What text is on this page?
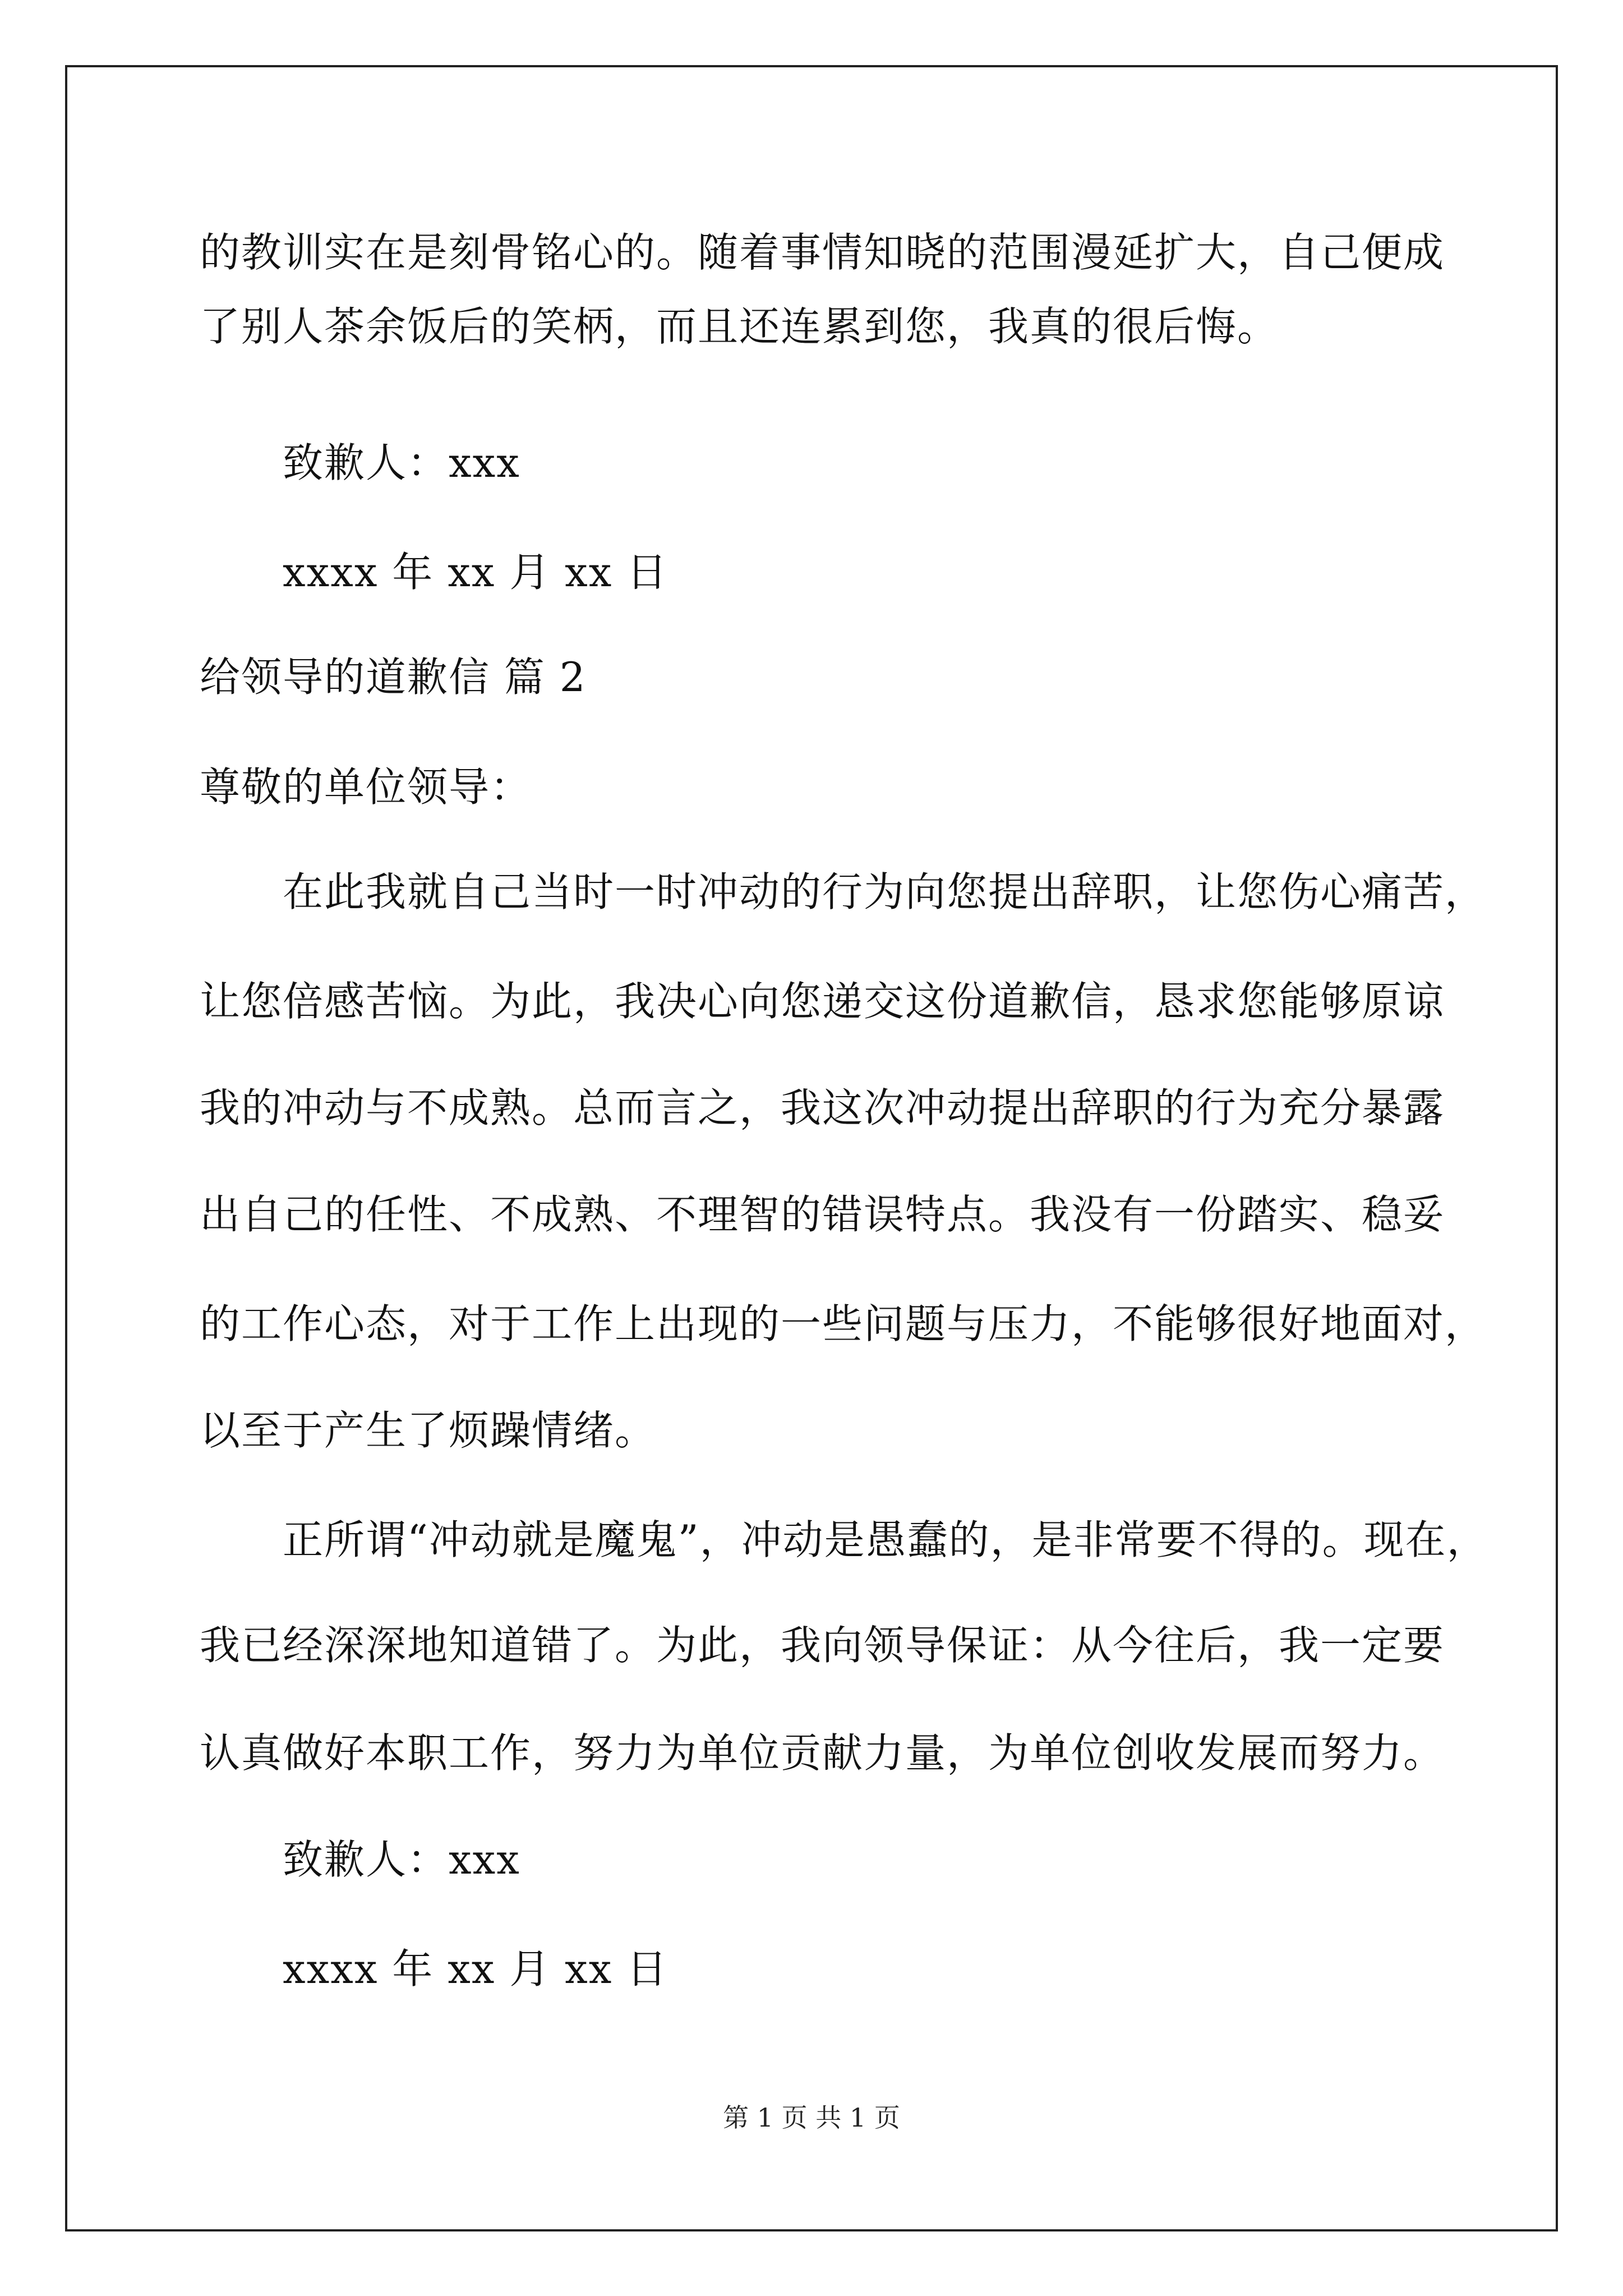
的教训实在是刻骨铭心的。随着事情知晓的范围漫延扩大，自己便成
了别人茶余饭后的笑柄，而且还连累到您，我真的很后悔。
致歉人：xxx
xxxx 年 xx 月 xx 日
给领导的道歉信 篇 2
尊敬的单位领导：
在此我就自己当时一时冲动的行为向您提出辞职，让您伤心痛苦，
让您倍感苦恼。为此，我决心向您递交这份道歉信，恳求您能够原谅
我的冲动与不成熟。总而言之，我这次冲动提出辞职的行为充分暴露
出自己的任性、不成熟、不理智的错误特点。我没有一份踏实、稳妥
的工作心态，对于工作上出现的一些问题与压力，不能够很好地面对，
以至于产生了烦躁情绪。
正所谓“冲动就是魔鬼”，冲动是愚蠢的，是非常要不得的。现在，
我已经深深地知道错了。为此，我向领导保证：从今往后，我一定要
认真做好本职工作，努力为单位贡献力量，为单位创收发展而努力。
致歉人：xxx
xxxx 年 xx 月 xx 日
第 1 页 共 1 页
